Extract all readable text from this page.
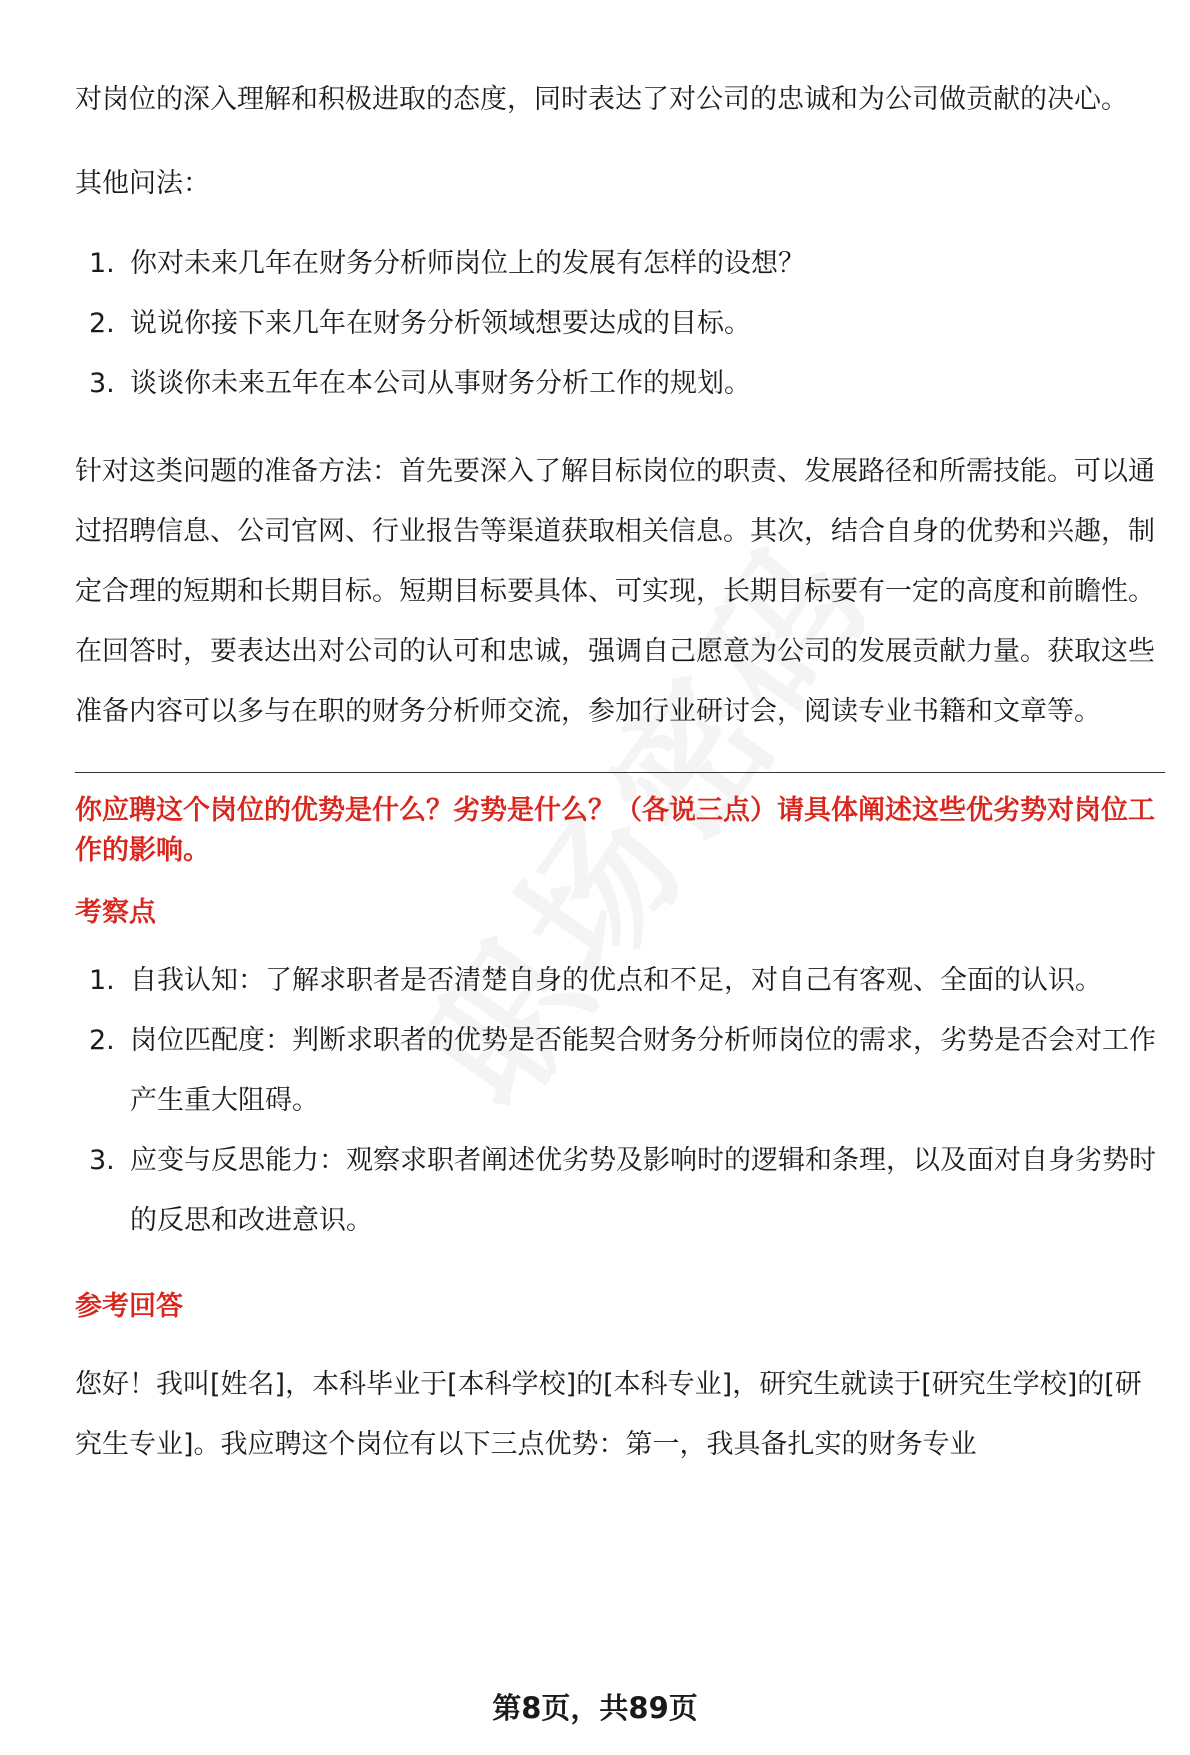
对岗位的深入理解和积极进取的态度，同时表达了对公司的忠诚和为公司做贡献的决心。

其他问法：

1. 你对未来几年在财务分析师岗位上的发展有怎样的设想？
2. 说说你接下来几年在财务分析领域想要达成的目标。
3. 谈谈你未来五年在本公司从事财务分析工作的规划。

针对这类问题的准备方法：首先要深入了解目标岗位的职责、发展路径和所需技能。可以通过招聘信息、公司官网、行业报告等渠道获取相关信息。其次，结合自身的优势和兴趣，制定合理的短期和长期目标。短期目标要具体、可实现，长期目标要有一定的高度和前瞻性。在回答时，要表达出对公司的认可和忠诚，强调自己愿意为公司的发展贡献力量。获取这些准备内容可以多与在职的财务分析师交流，参加行业研讨会，阅读专业书籍和文章等。

你应聘这个岗位的优势是什么？劣势是什么？（各说三点）请具体阐述这些优劣势对岗位工作的影响。
考察点
1. 自我认知：了解求职者是否清楚自身的优点和不足，对自己有客观、全面的认识。
2. 岗位匹配度：判断求职者的优势是否能契合财务分析师岗位的需求，劣势是否会对工作产生重大阻碍。
3. 应变与反思能力：观察求职者阐述优劣势及影响时的逻辑和条理，以及面对自身劣势时的反思和改进意识。
参考回答

您好！我叫[姓名]，本科毕业于[本科学校]的[本科专业]，研究生就读于[研究生学校]的[研究生专业]。我应聘这个岗位有以下三点优势：第一，我具备扎实的财务专业

第8页，共89页
